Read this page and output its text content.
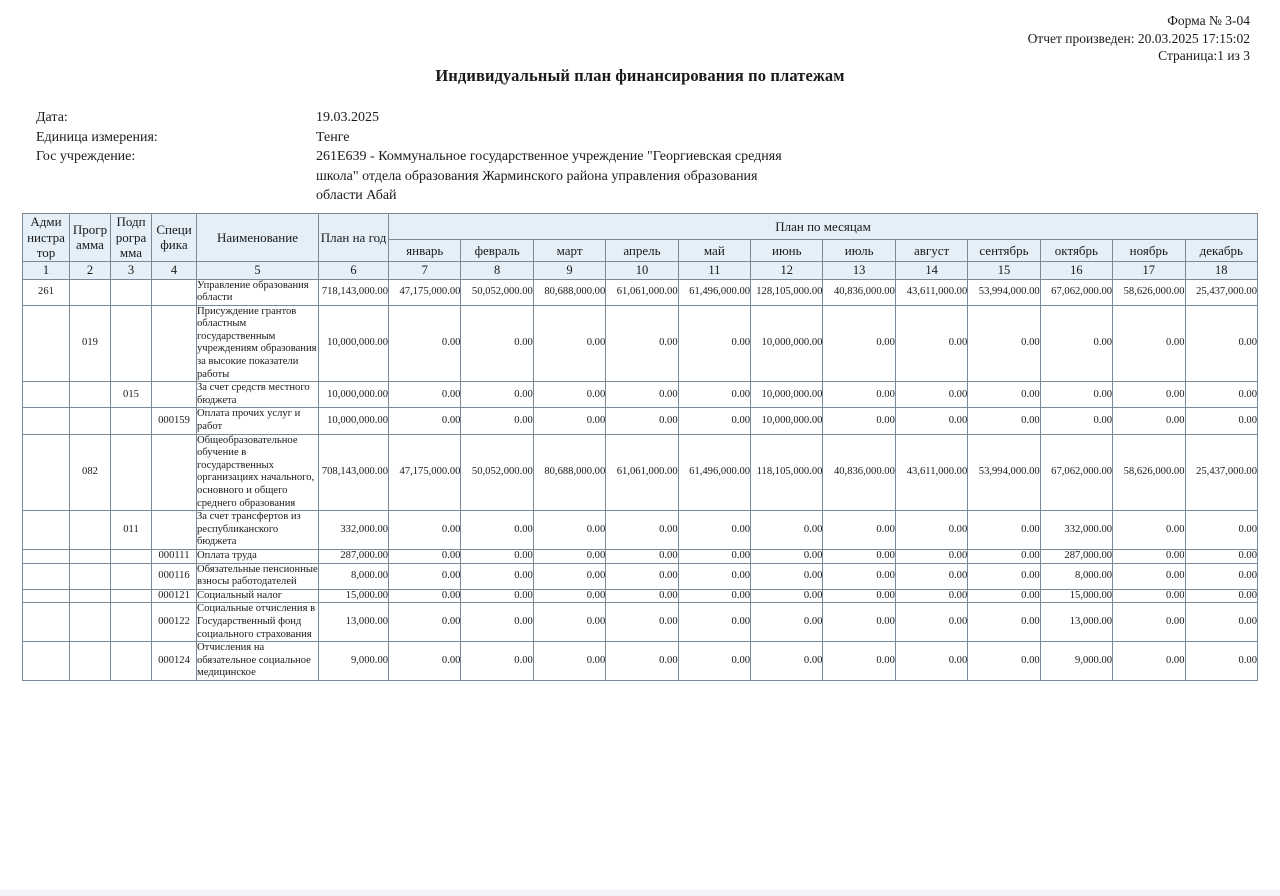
Форма № 3-04
Отчет произведен: 20.03.2025 17:15:02
Страница:1 из 3
Индивидуальный план финансирования по платежам
Дата:	19.03.2025
Единица измерения:	Тенге
Гос учреждение:	261E639 - Коммунальное государственное учреждение "Георгиевская средняя
школа" отдела образования Жарминского района управления образования
области Абай
Адми нистра тор	Прогр амма	Подп рогра мма	Специ фика	Наименование	План на год	План по месяцам											
						январь	февраль	март	апрель	май	июнь	июль	август	сентябрь	октябрь	ноябрь	декабрь
1	2	3	4	5	6	7	8	9	10	11	12	13	14	15	16	17	18
261				Управление образования области	718,143,000.00	47,175,000.00	50,052,000.00	80,688,000.00	61,061,000.00	61,496,000.00	128,105,000.00	40,836,000.00	43,611,000.00	53,994,000.00	67,062,000.00	58,626,000.00	25,437,000.00
	019			Присуждение грантов областным государственным учреждениям образования за высокие показатели работы	10,000,000.00	0.00	0.00	0.00	0.00	0.00	10,000,000.00	0.00	0.00	0.00	0.00	0.00	0.00
		015		За счет средств местного бюджета	10,000,000.00	0.00	0.00	0.00	0.00	0.00	10,000,000.00	0.00	0.00	0.00	0.00	0.00	0.00
			000159	Оплата прочих услуг и работ	10,000,000.00	0.00	0.00	0.00	0.00	0.00	10,000,000.00	0.00	0.00	0.00	0.00	0.00	0.00
	082			Общеобразовательное обучение в государственных организациях начального, основного и общего среднего образования	708,143,000.00	47,175,000.00	50,052,000.00	80,688,000.00	61,061,000.00	61,496,000.00	118,105,000.00	40,836,000.00	43,611,000.00	53,994,000.00	67,062,000.00	58,626,000.00	25,437,000.00
		011		За счет трансфертов из республиканского бюджета	332,000.00	0.00	0.00	0.00	0.00	0.00	0.00	0.00	0.00	0.00	332,000.00	0.00	0.00
			000111	Оплата труда	287,000.00	0.00	0.00	0.00	0.00	0.00	0.00	0.00	0.00	0.00	287,000.00	0.00	0.00
			000116	Обязательные пенсионные взносы работодателей	8,000.00	0.00	0.00	0.00	0.00	0.00	0.00	0.00	0.00	0.00	8,000.00	0.00	0.00
			000121	Социальный налог	15,000.00	0.00	0.00	0.00	0.00	0.00	0.00	0.00	0.00	0.00	15,000.00	0.00	0.00
			000122	Социальные отчисления в Государственный фонд социального страхования	13,000.00	0.00	0.00	0.00	0.00	0.00	0.00	0.00	0.00	0.00	13,000.00	0.00	0.00
			000124	Отчисления на обязательное социальное медицинское	9,000.00	0.00	0.00	0.00	0.00	0.00	0.00	0.00	0.00	0.00	9,000.00	0.00	0.00
